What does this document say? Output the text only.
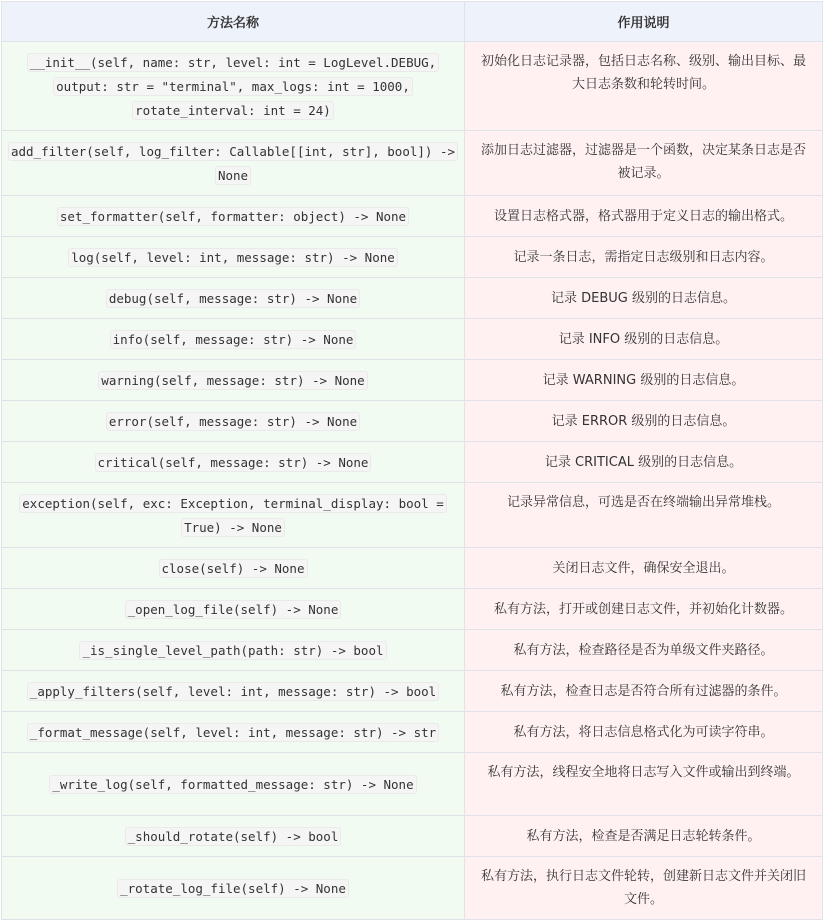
方法名称	作用说明
__init__(self, name: str, level: int = LogLevel.DEBUG, output: str = "terminal", max_logs: int = 1000, rotate_interval: int = 24)	初始化日志记录器，包括日志名称、级别、输出目标、最大日志条数和轮转时间。
add_filter(self, log_filter: Callable[[int, str], bool]) -> None	添加日志过滤器，过滤器是一个函数，决定某条日志是否被记录。
set_formatter(self, formatter: object) -> None	设置日志格式器，格式器用于定义日志的输出格式。
log(self, level: int, message: str) -> None	记录一条日志，需指定日志级别和日志内容。
debug(self, message: str) -> None	记录 DEBUG 级别的日志信息。
info(self, message: str) -> None	记录 INFO 级别的日志信息。
warning(self, message: str) -> None	记录 WARNING 级别的日志信息。
error(self, message: str) -> None	记录 ERROR 级别的日志信息。
critical(self, message: str) -> None	记录 CRITICAL 级别的日志信息。
exception(self, exc: Exception, terminal_display: bool = True) -> None	记录异常信息，可选是否在终端输出异常堆栈。
close(self) -> None	关闭日志文件，确保安全退出。
_open_log_file(self) -> None	私有方法，打开或创建日志文件，并初始化计数器。
_is_single_level_path(path: str) -> bool	私有方法，检查路径是否为单级文件夹路径。
_apply_filters(self, level: int, message: str) -> bool	私有方法，检查日志是否符合所有过滤器的条件。
_format_message(self, level: int, message: str) -> str	私有方法，将日志信息格式化为可读字符串。
_write_log(self, formatted_message: str) -> None	私有方法，线程安全地将日志写入文件或输出到终端。
_should_rotate(self) -> bool	私有方法，检查是否满足日志轮转条件。
_rotate_log_file(self) -> None	私有方法，执行日志文件轮转，创建新日志文件并关闭旧文件。
